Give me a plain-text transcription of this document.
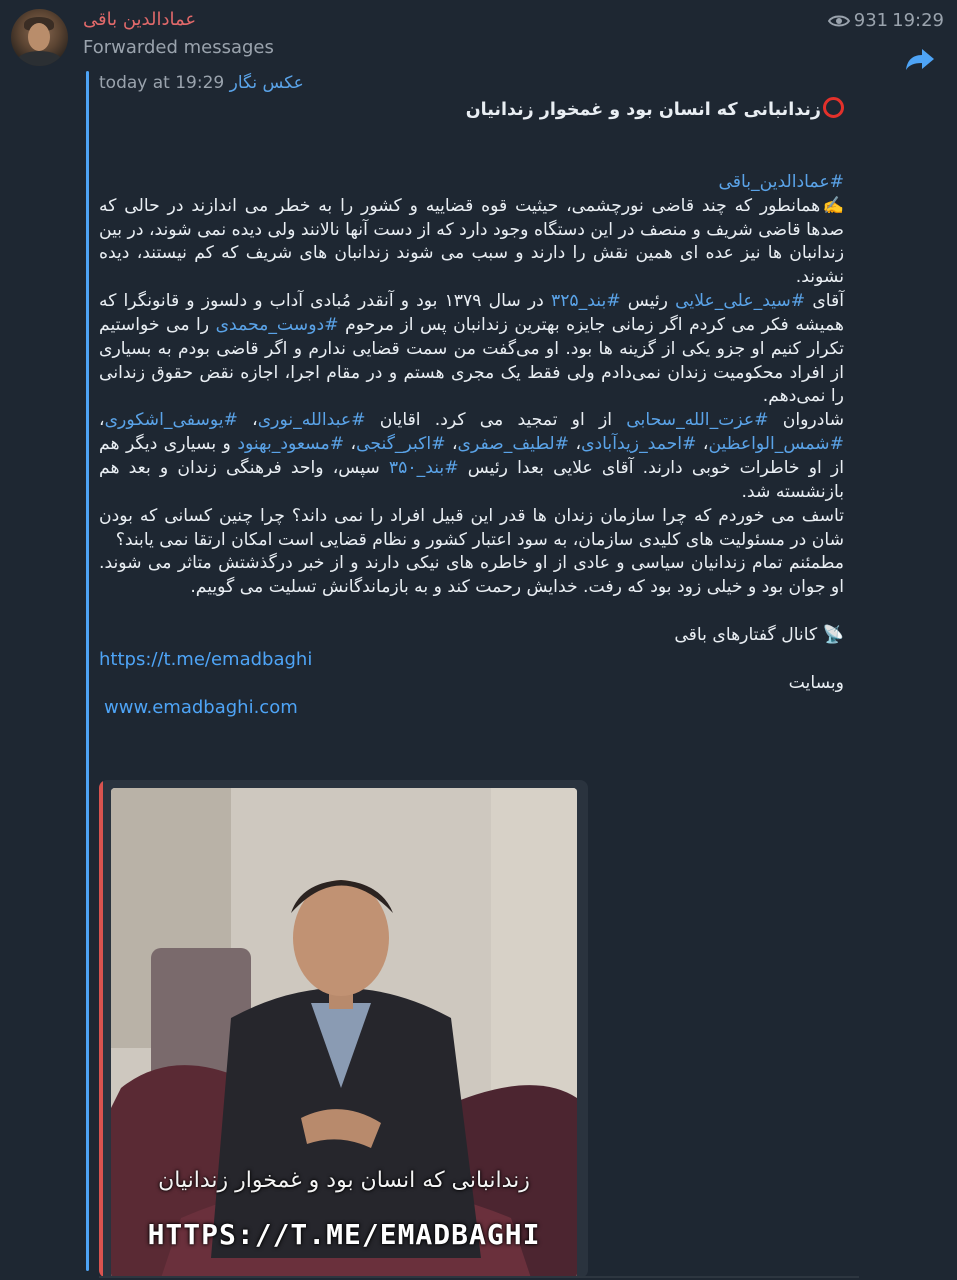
عمادالدین باقی
Forwarded messages
931 19:29
today at 19:29 عکس نگار

زندانبانی که انسان بود و غمخوار زندانیان

#عمادالدین_باقی

✍️همانطور که چند قاضی نورچشمی، حیثیت قوه قضاییه و کشور را به خطر می اندازند در حالی که صدها قاضی شریف و منصف در این دستگاه وجود دارد که از دست آنها نالانند ولی دیده نمی شوند، در بین زندانبان ها نیز عده ای همین نقش را دارند و سبب می شوند زندانبان های شریف که کم نیستند، دیده نشوند.

آقای #سید_علی_علایی رئیس #بند_۳۲۵ در سال ۱۳۷۹ بود و آنقدر مُبادی آداب و دلسوز و قانونگرا که همیشه فکر می کردم اگر زمانی جایزه بهترین زندانبان پس از مرحوم #دوست_محمدی را می خواستیم تکرار کنیم او جزو یکی از گزینه ها بود. او می‌گفت من سمت قضایی ندارم و اگر قاضی بودم به بسیاری از افراد محکومیت زندان نمی‌دادم ولی فقط یک مجری هستم و در مقام اجرا، اجازه نقض حقوق زندانی را نمی‌دهم.

شادروان #عزت_الله_سحابی از او تمجید می کرد. اقایان #عبدالله_نوری، #یوسفی_اشکوری، #شمس_الواعظین، #احمد_زیدآبادی، #لطیف_صفری، #اکبر_گنجی، #مسعود_بهنود و بسیاری دیگر هم از او خاطرات خوبی دارند. آقای علایی بعدا رئیس #بند_۳۵۰ سپس، واحد فرهنگی زندان و بعد هم بازنشسته شد.

تاسف می خوردم که چرا سازمان زندان ها قدر این قبیل افراد را نمی داند؟ چرا چنین کسانی که بودن شان در مسئولیت های کلیدی سازمان، به سود اعتبار کشور و نظام قضایی است امکان ارتقا نمی یابند؟

مطمئنم تمام زندانیان سیاسی و عادی از او خاطره های نیکی دارند و از خبر درگذشتش متاثر می شوند. او جوان بود و خیلی زود بود که رفت. خدایش رحمت کند و به بازماندگانش تسلیت می گوییم.

📡 کانال گفتارهای باقی

https://t.me/emadbaghi

وبسایت

www.emadbaghi.com

زندانبانی که انسان بود و غمخوار زندانیان
HTTPS://T.ME/EMADBAGHI
